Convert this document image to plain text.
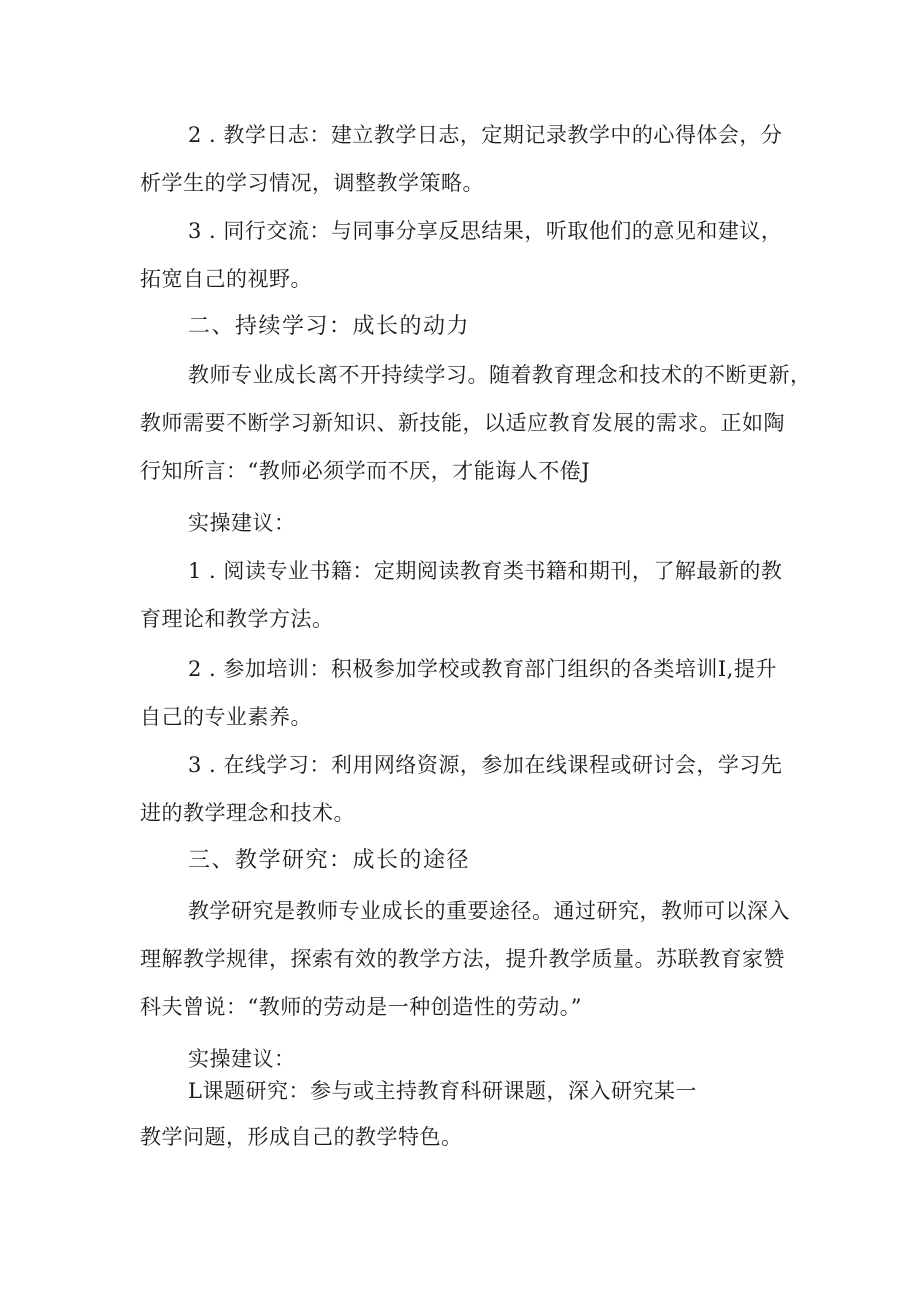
2 . 教学日志：建立教学日志，定期记录教学中的心得体会，分
析学生的学习情况，调整教学策略。
3 . 同行交流：与同事分享反思结果，听取他们的意见和建议，
拓宽自己的视野。
二、持续学习：成长的动力
教师专业成长离不开持续学习。随着教育理念和技术的不断更新，
教师需要不断学习新知识、新技能，以适应教育发展的需求。正如陶
行知所言：“教师必须学而不厌，才能诲人不倦J
实操建议：
1 . 阅读专业书籍：定期阅读教育类书籍和期刊，了解最新的教
育理论和教学方法。
2 . 参加培训：积极参加学校或教育部门组织的各类培训I,提升
自己的专业素养。
3 . 在线学习：利用网络资源，参加在线课程或研讨会，学习先
进的教学理念和技术。
三、教学研究：成长的途径
教学研究是教师专业成长的重要途径。通过研究，教师可以深入
理解教学规律，探索有效的教学方法，提升教学质量。苏联教育家赞
科夫曾说：“教师的劳动是一种创造性的劳动。”
实操建议：
L课题研究：参与或主持教育科研课题，深入研究某一
教学问题，形成自己的教学特色。
